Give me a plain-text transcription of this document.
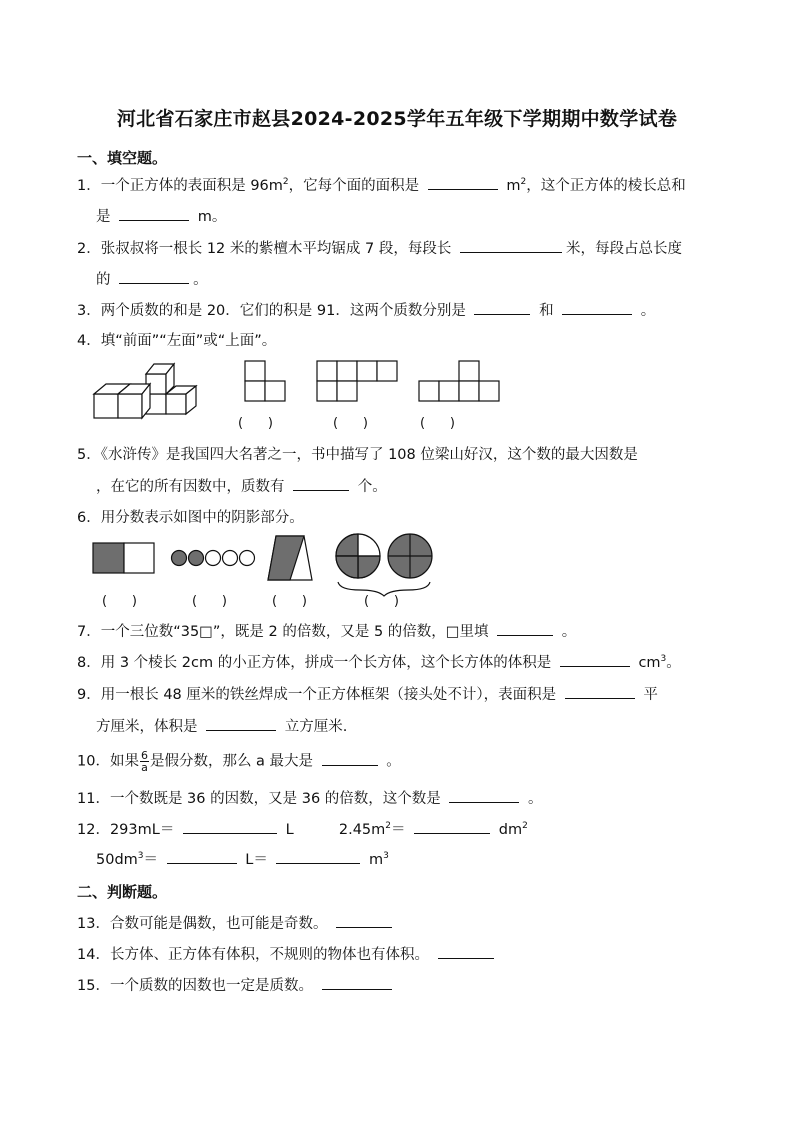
河北省石家庄市赵县2024-2025学年五年级下学期期中数学试卷
一、填空题。
1．一个正方体的表面积是 $96m^2$，它每个面的面积是	$m^2$，这个正方体的棱长总和
是	m。
2．张叔叔将一根长 12 米的紫檀木平均锯成 7 段，每段长	米，每段占总长度
的	。
3．两个质数的和是 20．它们的积是 91．这两个质数分别是	和	。
4．填“前面”“左面”或“上面”。
(      )	(      )	(      )
5．《水浒传》是我国四大名著之一，书中描写了 108 位梁山好汉，这个数的最大因数是
，在它的所有因数中，质数有	个。
6．用分数表示如图中的阴影部分。
(      )	(      )	(      )	(      )
7．一个三位数“35□”，既是 2 的倍数，又是 5 的倍数，□里填	。
8．用 3 个棱长 2cm 的小正方体，拼成一个长方体，这个长方体的体积是	$cm^3$。
9．用一根长 48 厘米的铁丝焊成一个正方体框架（接头处不计），表面积是	平
方厘米，体积是	立方厘米.
10．如果 $\frac{6}{a}$ 是假分数，那么 a 最大是	。
11．一个数既是 36 的因数，又是 36 的倍数，这个数是	。
12．293mL＝	L	$2.45m^2=$	$dm^2$
$50dm^3=$	L＝	$m^3$
二、判断题。
13．合数可能是偶数，也可能是奇数。
14．长方体、正方体有体积，不规则的物体也有体积。
15．一个质数的因数也一定是质数。
